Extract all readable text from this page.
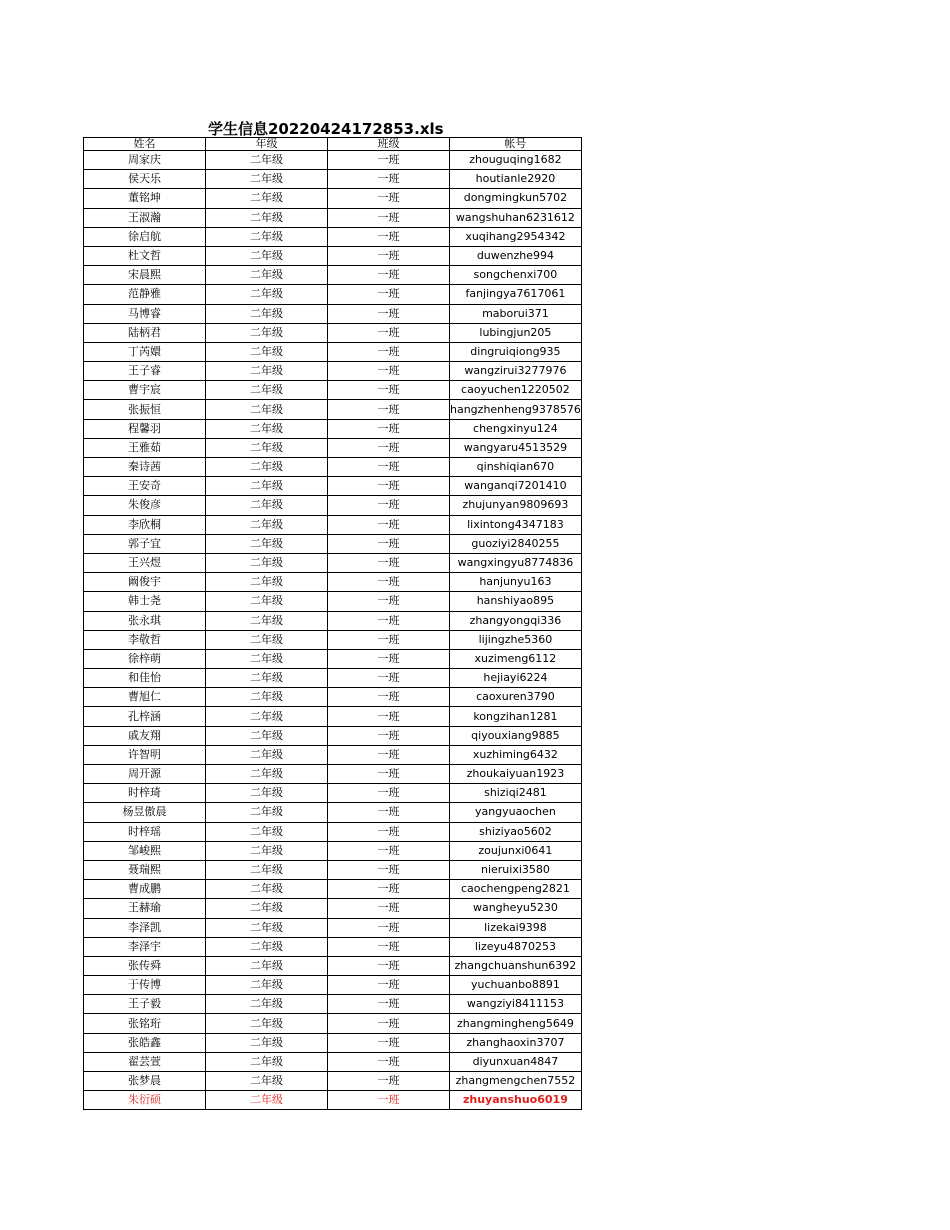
学生信息20220424172853.xls
姓名	年级	班级	帐号
周家庆	二年级	一班	zhouguqing1682
侯天乐	二年级	一班	houtianle2920
董铭坤	二年级	一班	dongmingkun5702
王淑瀚	二年级	一班	wangshuhan6231612
徐启航	二年级	一班	xuqihang2954342
杜文哲	二年级	一班	duwenzhe994
宋晨熙	二年级	一班	songchenxi700
范静雅	二年级	一班	fanjingya7617061
马博睿	二年级	一班	maborui371
陆柄君	二年级	一班	lubingjun205
丁芮嬛	二年级	一班	dingruiqiong935
王子睿	二年级	一班	wangzirui3277976
曹宇宸	二年级	一班	caoyuchen1220502
张振恒	二年级	一班	hangzhenheng9378576
程馨羽	二年级	一班	chengxinyu124
王雅茹	二年级	一班	wangyaru4513529
秦诗茜	二年级	一班	qinshiqian670
王安奇	二年级	一班	wanganqi7201410
朱俊彦	二年级	一班	zhujunyan9809693
李欣桐	二年级	一班	lixintong4347183
郭子宜	二年级	一班	guoziyi2840255
王兴煜	二年级	一班	wangxingyu8774836
阚俊宇	二年级	一班	hanjunyu163
韩士尧	二年级	一班	hanshiyao895
张永琪	二年级	一班	zhangyongqi336
李敬哲	二年级	一班	lijingzhe5360
徐梓萌	二年级	一班	xuzimeng6112
和佳怡	二年级	一班	hejiayi6224
曹旭仁	二年级	一班	caoxuren3790
孔梓涵	二年级	一班	kongzihan1281
戚友翔	二年级	一班	qiyouxiang9885
许智明	二年级	一班	xuzhiming6432
周开源	二年级	一班	zhoukaiyuan1923
时梓琦	二年级	一班	shiziqi2481
杨昱傲晨	二年级	一班	yangyuaochen
时梓瑶	二年级	一班	shiziyao5602
邹峻熙	二年级	一班	zoujunxi0641
聂瑞熙	二年级	一班	nieruixi3580
曹成鹏	二年级	一班	caochengpeng2821
王赫瑜	二年级	一班	wangheyu5230
李泽凯	二年级	一班	lizekai9398
李泽宇	二年级	一班	lizeyu4870253
张传舜	二年级	一班	zhangchuanshun6392
于传博	二年级	一班	yuchuanbo8891
王子毅	二年级	一班	wangziyi8411153
张铭珩	二年级	一班	zhangmingheng5649
张皓鑫	二年级	一班	zhanghaoxin3707
翟芸萱	二年级	一班	diyunxuan4847
张梦晨	二年级	一班	zhangmengchen7552
朱衍硕	二年级	一班	zhuyanshuo6019
